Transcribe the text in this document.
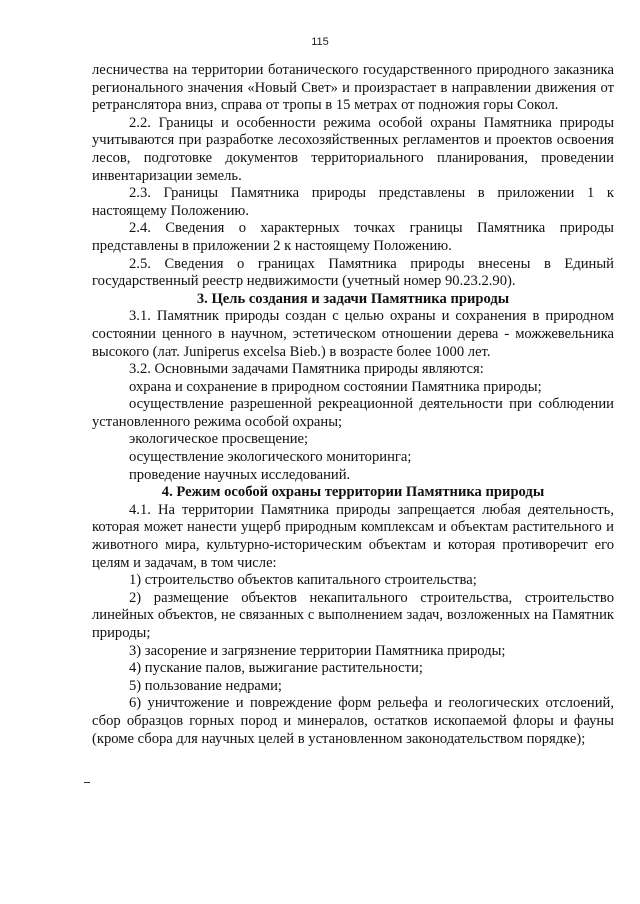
115

лесничества на территории ботанического государственного природного заказника регионального значения «Новый Свет» и произрастает в направлении движения от ретранслятора вниз, справа от тропы в 15 метрах от подножия горы Сокол.

2.2. Границы и особенности режима особой охраны Памятника природы учитываются при разработке лесохозяйственных регламентов и проектов освоения лесов, подготовке документов территориального планирования, проведении инвентаризации земель.

2.3. Границы Памятника природы представлены в приложении 1 к настоящему Положению.

2.4. Сведения о характерных точках границы Памятника природы представлены в приложении 2 к настоящему Положению.

2.5. Сведения о границах Памятника природы внесены в Единый государственный реестр недвижимости (учетный номер 90.23.2.90).

3. Цель создания и задачи Памятника природы

3.1. Памятник природы создан с целью охраны и сохранения в природном состоянии ценного в научном, эстетическом отношении дерева - можжевельника высокого (лат. Juniperus excelsa Bieb.) в возрасте более 1000 лет.

3.2. Основными задачами Памятника природы являются:

охрана и сохранение в природном состоянии Памятника природы;

осуществление разрешенной рекреационной деятельности при соблюдении установленного режима особой охраны;

экологическое просвещение;

осуществление экологического мониторинга;

проведение научных исследований.

4. Режим особой охраны территории Памятника природы

4.1. На территории Памятника природы запрещается любая деятельность, которая может нанести ущерб природным комплексам и объектам растительного и животного мира, культурно-историческим объектам и которая противоречит его целям и задачам, в том числе:

1) строительство объектов капитального строительства;

2) размещение объектов некапитального строительства, строительство линейных объектов, не связанных с выполнением задач, возложенных на Памятник природы;

3) засорение и загрязнение территории Памятника природы;

4) пускание палов, выжигание растительности;

5) пользование недрами;

6) уничтожение и повреждение форм рельефа и геологических отслоений, сбор образцов горных пород и минералов, остатков ископаемой флоры и фауны (кроме сбора для научных целей в установленном законодательством порядке);
